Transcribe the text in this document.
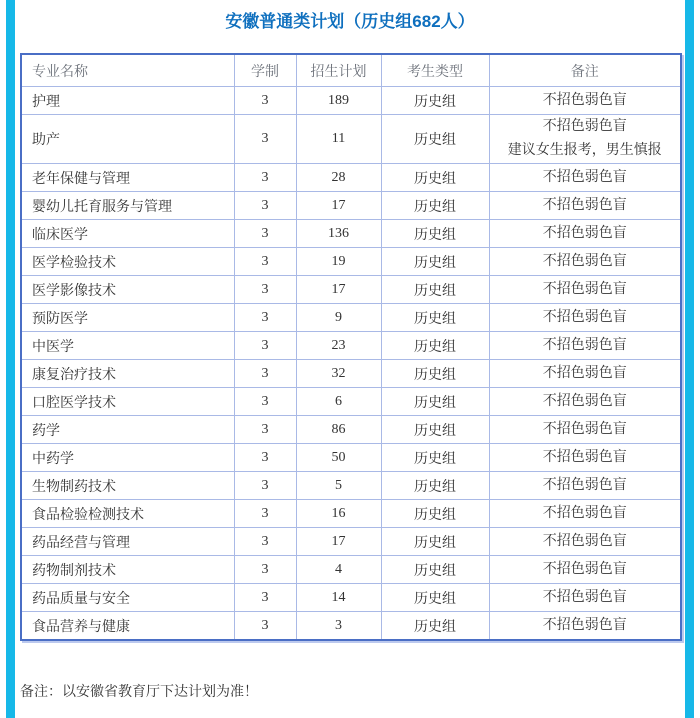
安徽普通类计划（历史组682人）
专业名称	学制	招生计划	考生类型	备注
护理	3	189	历史组	不招色弱色盲

助产	3	11	历史组	不招色弱色盲
建议女生报考，男生慎报

老年保健与管理	3	28	历史组	不招色弱色盲

婴幼儿托育服务与管理	3	17	历史组	不招色弱色盲

临床医学	3	136	历史组	不招色弱色盲

医学检验技术	3	19	历史组	不招色弱色盲

医学影像技术	3	17	历史组	不招色弱色盲

预防医学	3	9	历史组	不招色弱色盲

中医学	3	23	历史组	不招色弱色盲

康复治疗技术	3	32	历史组	不招色弱色盲

口腔医学技术	3	6	历史组	不招色弱色盲

药学	3	86	历史组	不招色弱色盲

中药学	3	50	历史组	不招色弱色盲

生物制药技术	3	5	历史组	不招色弱色盲

食品检验检测技术	3	16	历史组	不招色弱色盲

药品经营与管理	3	17	历史组	不招色弱色盲

药物制剂技术	3	4	历史组	不招色弱色盲

药品质量与安全	3	14	历史组	不招色弱色盲

食品营养与健康	3	3	历史组	不招色弱色盲
备注：以安徽省教育厅下达计划为准！
